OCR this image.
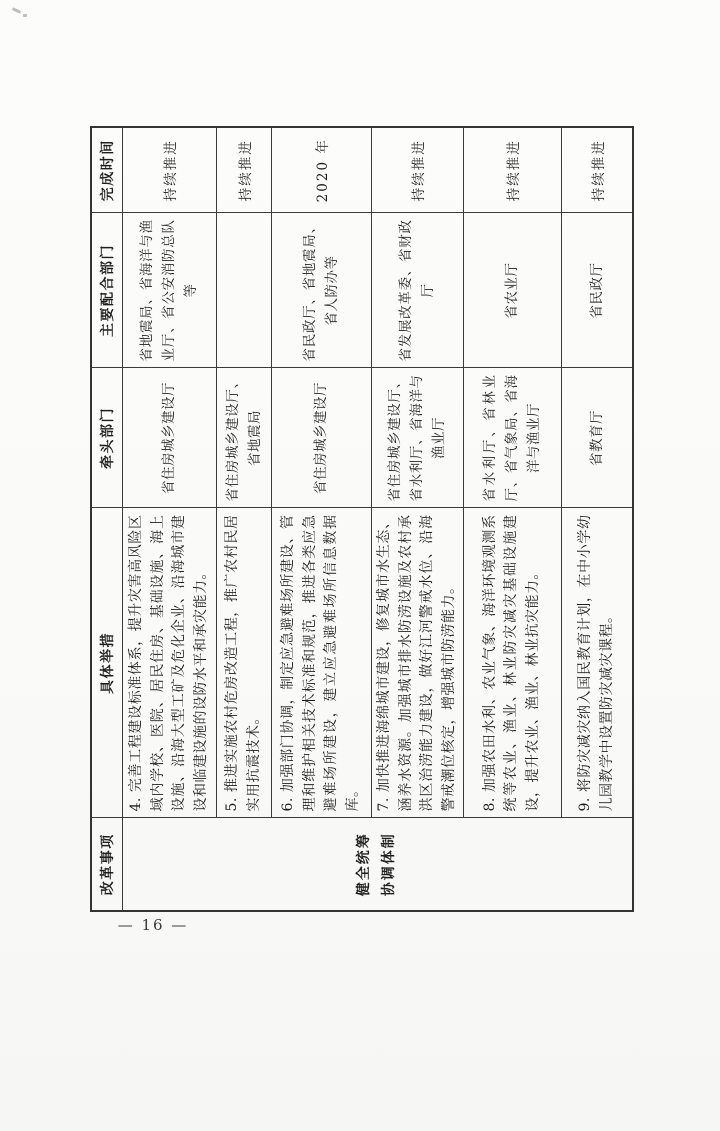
改革事项	具体举措	牵头部门	主要配合部门	完成时间

健全统筹 协调体制	4. 完善工程建设标准体系，提升灾害高风险区域内学校、医院、居民住房、基础设施、海上设施、沿海大型工矿及危化企业、沿海城市建设和临建设施的设防水平和承灾能力。	省住房城乡建设厅	省地震局、省海洋与渔业厅、省公安消防总队等	持续推进
	5. 推进实施农村危房改造工程，推广农村民居实用抗震技术。	省住房城乡建设厅、省地震局		持续推进
	6. 加强部门协调，制定应急避难场所建设、管理和维护相关技术标准和规范，推进各类应急避难场所建设，建立应急避难场所信息数据库。	省住房城乡建设厅	省民政厅、省地震局、省人防办等	2020 年
	7. 加快推进海绵城市建设，修复城市水生态、涵养水资源。加强城市排水防涝设施及农村承洪区治涝能力建设，做好江河警戒水位、沿海警戒潮位核定，增强城市防涝能力。	省住房城乡建设厅、省水利厅、省海洋与渔业厅	省发展改革委、省财政厅	持续推进
	8. 加强农田水利、农业气象、海洋环境观测系统等农业、渔业、林业防灾减灾基础设施建设，提升农业、渔业、林业抗灾能力。	省水利厅、省林业厅、省气象局、省海洋与渔业厅	省农业厅	持续推进
	9. 将防灾减灾纳入国民教育计划，在中小学幼儿园教学中设置防灾减灾课程。	省教育厅	省民政厅	持续推进
— 16 —
